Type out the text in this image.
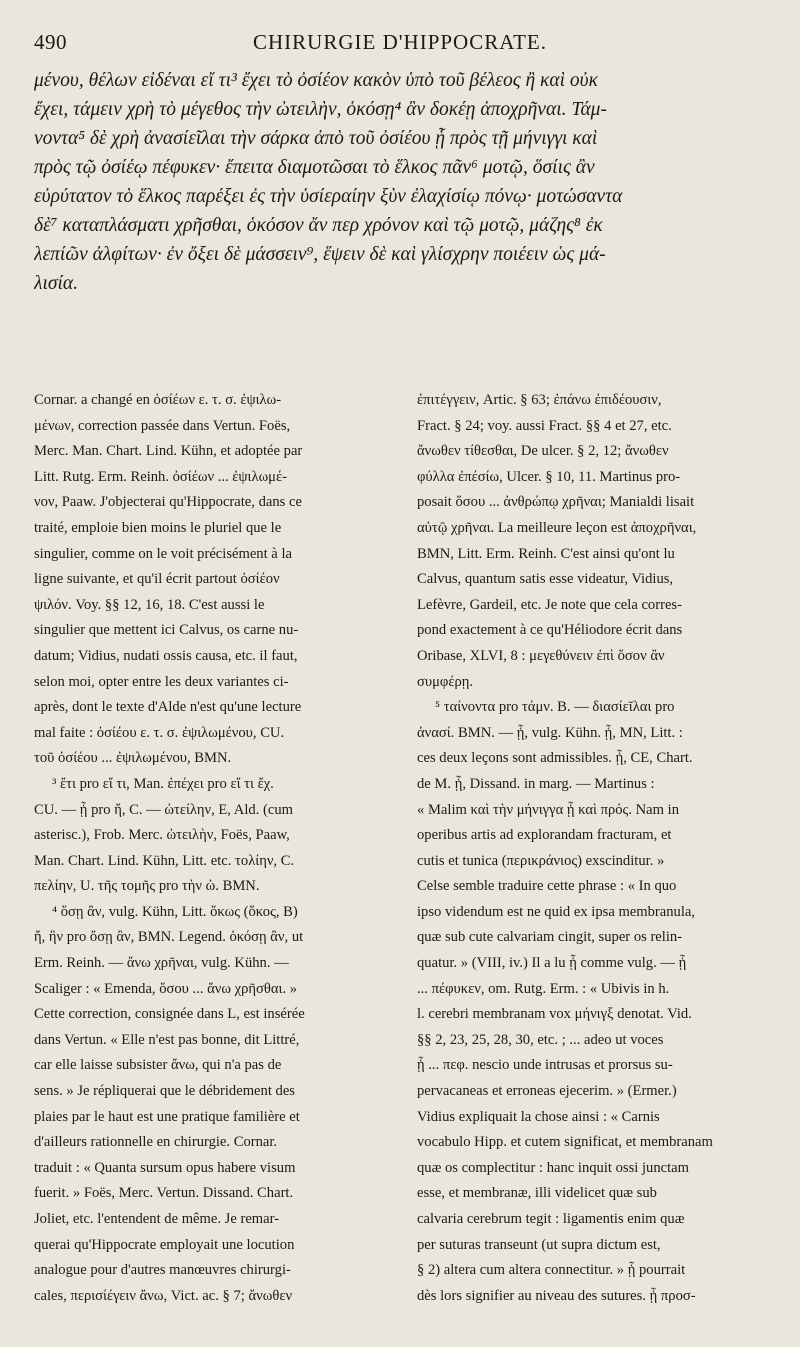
490	CHIRURGIE D'HIPPOCRATE.
μένου, θέλων εἰδέναι εἴ τι³ ἔχει τὸ ὀσίέον κακὸν ὑπὸ τοῦ βέλεος ἢ καὶ οὐκ
ἔχει, τάμειν χρὴ τὸ μέγεθος τὴν ὠτειλὴν, ὁκόσῃ⁴ ἂν δοκέῃ ἀποχρῆναι. Τάμ-
νοντα⁵ δὲ χρὴ ἀνασίεῖλαι τὴν σάρκα ἀπὸ τοῦ ὀσίέου ᾗ πρὸς τῇ μήνιγγι καὶ
πρὸς τῷ ὀσίέῳ πέφυκεν· ἔπειτα διαμοτῶσαι τὸ ἕλκος πᾶν⁶ μοτῷ, ὅσίις ἂν
εὐρύτατον τὸ ἕλκος παρέξει ἐς τὴν ὑσίεραίην ξὺν ἐλαχίσίῳ πόνῳ· μοτώσαντα
δὲ⁷ καταπλάσματι χρῆσθαι, ὁκόσον ἄν περ χρόνον καὶ τῷ μοτῷ, μάζης⁸ ἐκ
λεπίῶν ἀλφίτων· ἐν ὄξει δὲ μάσσειν⁹, ἕψειν δὲ καὶ γλίσχρην ποιέειν ὡς μά-
λισία.
Cornar. a changé en ὀσίέων ε. τ. σ. ἐψιλω-
μένων, correction passée dans Vertun. Foës,
Merc. Man. Chart. Lind. Kühn, et adoptée par
Litt. Rutg. Erm. Reinh. ὀσίέων ... ἐψιλωμέ-
νον, Paaw. J'objecterai qu'Hippocrate, dans ce
traité, emploie bien moins le pluriel que le
singulier, comme on le voit précisément à la
ligne suivante, et qu'il écrit partout ὀσίέον
ψιλόν. Voy. §§ 12, 16, 18. C'est aussi le
singulier que mettent ici Calvus, os carne nu-
datum; Vidius, nudati ossis causa, etc. il faut,
selon moi, opter entre les deux variantes ci-
après, dont le texte d'Alde n'est qu'une lecture
mal faite : ὀσίέου ε. τ. σ. ἐψιλωμένου, CU.
τοῦ ὀσίέου ... ἐψιλωμένου, BMN.
³ ἔτι pro εἴ τι, Man. ἐπέχει pro εἴ τι ἔχ.
CU. — ᾗ pro ἤ, C. — ὠτείλην, E, Ald. (cum
asterisc.), Frob. Merc. ὠτειλὴν, Foës, Paaw,
Man. Chart. Lind. Kühn, Litt. etc. τολίην, C.
πελίην, U. τῆς τομῆς pro τὴν ὠ. BMN.
⁴ ὅσῃ ἂν, vulg. Kühn, Litt. ὅκως (ὅκος, B)
ἤ, ἣν pro ὅσῃ ἂν, BMN. Legend. ὁκόσῃ ἂν, ut
Erm. Reinh. — ἄνω χρῆναι, vulg. Kühn. —
Scaliger : « Emenda, ὅσου ... ἄνω χρῆσθαι. »
Cette correction, consignée dans L, est insérée
dans Vertun. « Elle n'est pas bonne, dit Littré,
car elle laisse subsister ἄνω, qui n'a pas de
sens. » Je répliquerai que le débridement des
plaies par le haut est une pratique familière et
d'ailleurs rationnelle en chirurgie. Cornar.
traduit : « Quanta sursum opus habere visum
fuerit. » Foës, Merc. Vertun. Dissand. Chart.
Joliet, etc. l'entendent de même. Je remar-
querai qu'Hippocrate employait une locution
analogue pour d'autres manœuvres chirurgi-
cales, περισίέγειν ἄνω, Vict. ac. § 7; ἄνωθεν
ἐπιτέγγειν, Artic. § 63; ἐπάνω ἐπιδέουσιν,
Fract. § 24; voy. aussi Fract. §§ 4 et 27, etc.
ἄνωθεν τίθεσθαι, De ulcer. § 2, 12; ἄνωθεν
φύλλα ἐπέσίω, Ulcer. § 10, 11. Martinus pro-
posait ὅσου ... ἀνθρώπῳ χρῆναι; Manialdi lisait
αὐτῷ χρῆναι. La meilleure leçon est ἀποχρῆναι,
BMN, Litt. Erm. Reinh. C'est ainsi qu'ont lu
Calvus, quantum satis esse videatur, Vidius,
Lefèvre, Gardeil, etc. Je note que cela corres-
pond exactement à ce qu'Héliodore écrit dans
Oribase, XLVI, 8 : μεγεθύνειν ἐπὶ ὅσον ἂν
συμφέρῃ.
⁵ ταίνοντα pro τάμν. B. — διασίεῖλαι pro
ἀνασί. BMN. — ᾗ, vulg. Kühn. ᾗ, MN, Litt. :
ces deux leçons sont admissibles. ᾗ, CE, Chart.
de M. ᾗ, Dissand. in marg. — Martinus :
« Malim καὶ τὴν μήνιγγα ᾗ καὶ πρός. Nam in
operibus artis ad explorandam fracturam, et
cutis et tunica (περικράνιος) exscinditur. »
Celse semble traduire cette phrase : « In quo
ipso videndum est ne quid ex ipsa membranula,
quæ sub cute calvariam cingit, super os relin-
quatur. » (VIII, iv.) Il a lu ᾗ comme vulg. — ᾗ
... πέφυκεν, om. Rutg. Erm. : « Ubivis in h.
l. cerebri membranam vox μήνιγξ denotat. Vid.
§§ 2, 23, 25, 28, 30, etc. ; ... adeo ut voces
ᾗ ... πεφ. nescio unde intrusas et prorsus su-
pervacaneas et erroneas ejecerim. » (Ermer.)
Vidius expliquait la chose ainsi : « Carnis
vocabulo Hipp. et cutem significat, et membranam
quæ os complectitur : hanc inquit ossi junctam
esse, et membranæ, illi videlicet quæ sub
calvaria cerebrum tegit : ligamentis enim quæ
per suturas transeunt (ut supra dictum est,
§ 2) altera cum altera connectitur. » ᾗ pourrait
dès lors signifier au niveau des sutures. ᾗ πρoσ-
